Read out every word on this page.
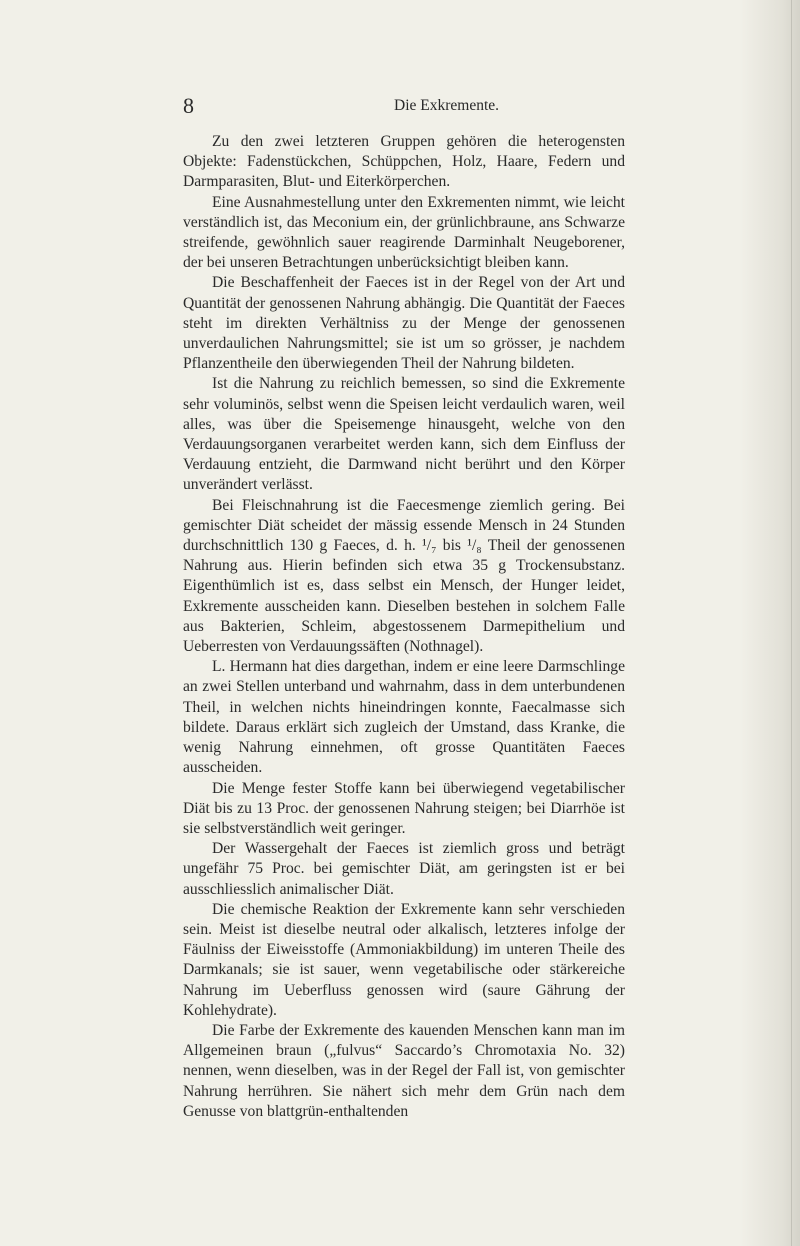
8	Die Exkremente.

Zu den zwei letzteren Gruppen gehören die heterogensten Objekte: Fadenstückchen, Schüppchen, Holz, Haare, Federn und Darmparasiten, Blut- und Eiterkörperchen.

Eine Ausnahmestellung unter den Exkrementen nimmt, wie leicht verständlich ist, das Meconium ein, der grünlichbraune, ans Schwarze streifende, gewöhnlich sauer reagirende Darminhalt Neugeborener, der bei unseren Betrachtungen unberücksichtigt bleiben kann.

Die Beschaffenheit der Faeces ist in der Regel von der Art und Quantität der genossenen Nahrung abhängig. Die Quantität der Faeces steht im direkten Verhältniss zu der Menge der genossenen unverdaulichen Nahrungsmittel; sie ist um so grösser, je nachdem Pflanzentheile den überwiegenden Theil der Nahrung bildeten.

Ist die Nahrung zu reichlich bemessen, so sind die Exkremente sehr voluminös, selbst wenn die Speisen leicht verdaulich waren, weil alles, was über die Speisemenge hinausgeht, welche von den Verdauungsorganen verarbeitet werden kann, sich dem Einfluss der Verdauung entzieht, die Darmwand nicht berührt und den Körper unverändert verlässt.

Bei Fleischnahrung ist die Faecesmenge ziemlich gering. Bei gemischter Diät scheidet der mässig essende Mensch in 24 Stunden durchschnittlich 130 g Faeces, d. h. ¹/₇ bis ¹/₈ Theil der genossenen Nahrung aus. Hierin befinden sich etwa 35 g Trockensubstanz. Eigenthümlich ist es, dass selbst ein Mensch, der Hunger leidet, Exkremente ausscheiden kann. Dieselben bestehen in solchem Falle aus Bakterien, Schleim, abgestossenem Darmepithelium und Ueberresten von Verdauungssäften (Nothnagel).

L. Hermann hat dies dargethan, indem er eine leere Darmschlinge an zwei Stellen unterband und wahrnahm, dass in dem unterbundenen Theil, in welchen nichts hineindringen konnte, Faecalmasse sich bildete. Daraus erklärt sich zugleich der Umstand, dass Kranke, die wenig Nahrung einnehmen, oft grosse Quantitäten Faeces ausscheiden.

Die Menge fester Stoffe kann bei überwiegend vegetabilischer Diät bis zu 13 Proc. der genossenen Nahrung steigen; bei Diarrhöe ist sie selbstverständlich weit geringer.

Der Wassergehalt der Faeces ist ziemlich gross und beträgt ungefähr 75 Proc. bei gemischter Diät, am geringsten ist er bei ausschliesslich animalischer Diät.

Die chemische Reaktion der Exkremente kann sehr verschieden sein. Meist ist dieselbe neutral oder alkalisch, letzteres infolge der Fäulniss der Eiweisstoffe (Ammoniakbildung) im unteren Theile des Darmkanals; sie ist sauer, wenn vegetabilische oder stärkereiche Nahrung im Ueberfluss genossen wird (saure Gährung der Kohlehydrate).

Die Farbe der Exkremente des kauenden Menschen kann man im Allgemeinen braun („fulvus“ Saccardo’s Chromotaxia No. 32) nennen, wenn dieselben, was in der Regel der Fall ist, von gemischter Nahrung herrühren. Sie nähert sich mehr dem Grün nach dem Genusse von blattgrün-enthaltenden
